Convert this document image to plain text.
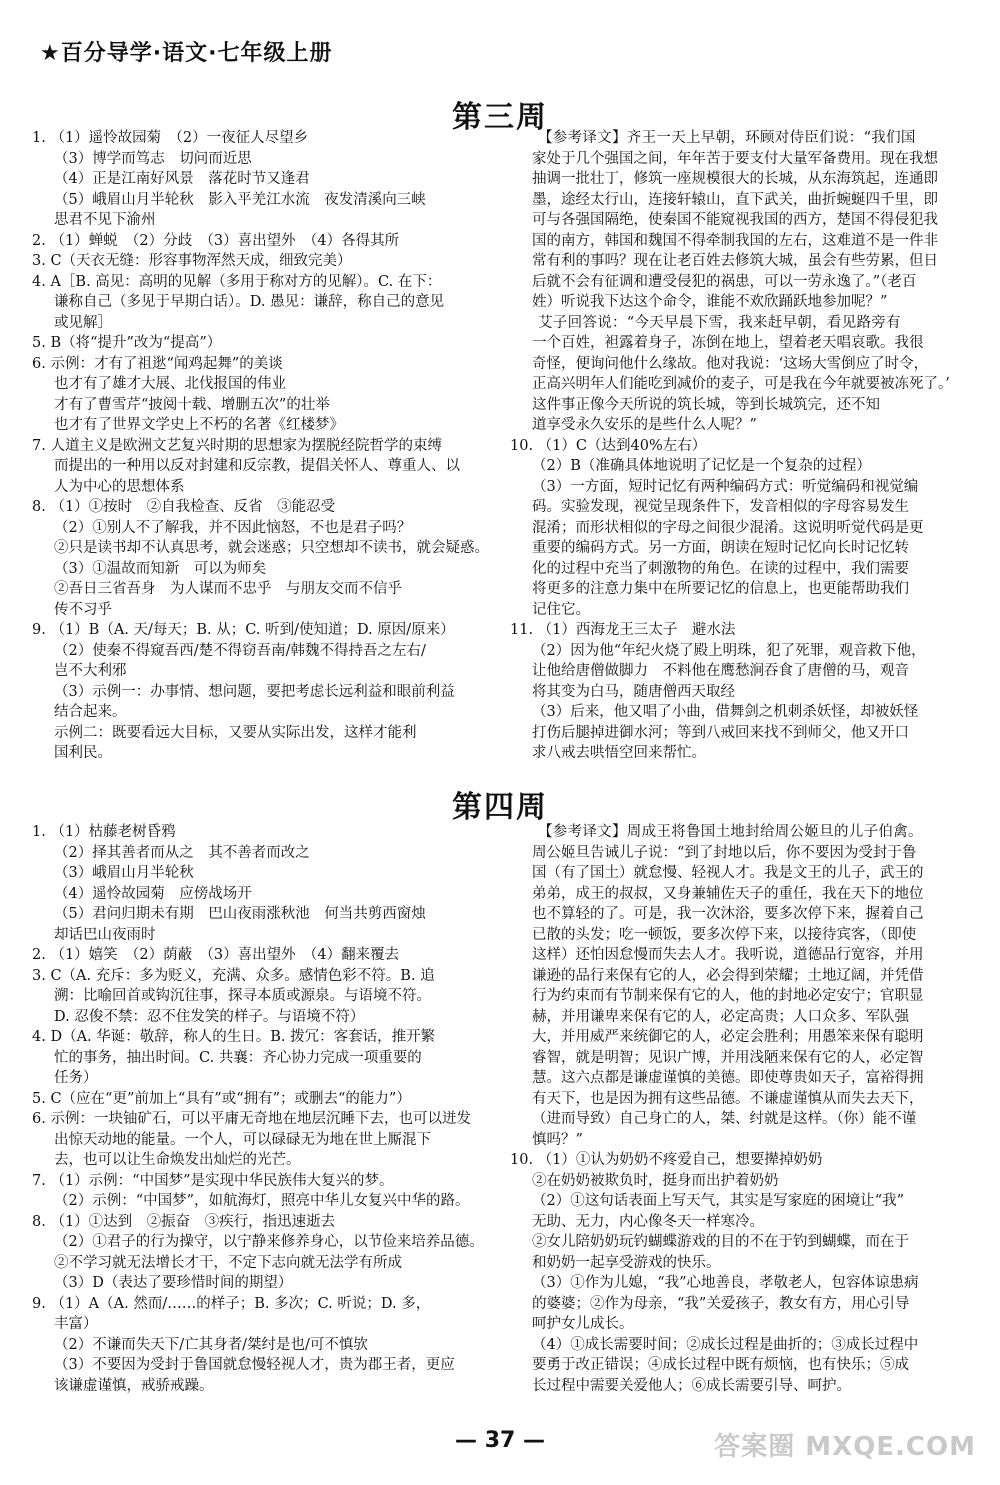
★百分导学·语文·七年级上册
第三周

1. （1）遥怜故园菊　（2）一夜征人尽望乡

（3）博学而笃志　切问而近思

（4）正是江南好风景　落花时节又逢君

（5）峨眉山月半轮秋　影入平羌江水流　夜发清溪向三峡

思君不见下渝州

2. （1）蝉蜕　（2）分歧　（3）喜出望外　（4）各得其所

3. C（天衣无缝：形容事物浑然天成，细致完美）

4. A［B. 高见：高明的见解（多用于称对方的见解）。C. 在下：

谦称自己（多见于早期白话）。D. 愚见：谦辞，称自己的意见

或见解］

5. B（将“提升”改为“提高”）

6. 示例：才有了祖逖“闻鸡起舞”的美谈

也才有了雄才大展、北伐报国的伟业

才有了曹雪芹“披阅十载、增删五次”的壮举

也才有了世界文学史上不朽的名著《红楼梦》

7. 人道主义是欧洲文艺复兴时期的思想家为摆脱经院哲学的束缚

而提出的一种用以反对封建和反宗教，提倡关怀人、尊重人、以

人为中心的思想体系

8. （1）①按时　②自我检查、反省　③能忍受

（2）①别人不了解我，并不因此恼怒，不也是君子吗？

②只是读书却不认真思考，就会迷惑；只空想却不读书，就会疑惑。

（3）①温故而知新　可以为师矣

②吾日三省吾身　为人谋而不忠乎　与朋友交而不信乎

传不习乎

9. （1）B（A. 天/每天；B. 从；C. 听到/使知道；D. 原因/原来）

（2）使秦不得窥吾西/楚不得窃吾南/韩魏不得持吾之左右/

岂不大利邪

（3）示例一：办事情、想问题，要把考虑长远利益和眼前利益

结合起来。

示例二：既要看远大目标，又要从实际出发，这样才能利

国利民。

【参考译文】齐王一天上早朝，环顾对侍臣们说：“我们国

家处于几个强国之间，年年苦于要支付大量军备费用。现在我想

抽调一批壮丁，修筑一座规模很大的长城，从东海筑起，连通即

墨，途经太行山，连接轩辕山，直下武关，曲折蜿蜒四千里，即

可与各强国隔绝，使秦国不能窥视我国的西方，楚国不得侵犯我

国的南方，韩国和魏国不得牵制我国的左右，这难道不是一件非

常有利的事吗？现在让老百姓去修筑大城，虽会有些劳累，但日

后就不会有征调和遭受侵犯的祸患，可以一劳永逸了。”（老百

姓）听说我下达这个命令，谁能不欢欣踊跃地参加呢？”

艾子回答说：“今天早晨下雪，我来赶早朝，看见路旁有

一个百姓，袒露着身子，冻倒在地上，望着老天唱哀歌。我很

奇怪，便询问他什么缘故。他对我说：‘这场大雪倒应了时令，

正高兴明年人们能吃到减价的麦子，可是我在今年就要被冻死了。’

这件事正像今天所说的筑长城，等到长城筑完，还不知

道享受永久安乐的是些什么人呢？”

10. （1）C（达到40%左右）

（2）B（准确具体地说明了记忆是一个复杂的过程）

（3）一方面，短时记忆有两种编码方式：听觉编码和视觉编

码。实验发现，视觉呈现条件下，发音相似的字母容易发生

混淆；而形状相似的字母之间很少混淆。这说明听觉代码是更

重要的编码方式。另一方面，朗读在短时记忆向长时记忆转

化的过程中充当了刺激物的角色。在读的过程中，我们需要

将更多的注意力集中在所要记忆的信息上，也更能帮助我们

记住它。

11. （1）西海龙王三太子　避水法

（2）因为他“年纪火烧了殿上明珠，犯了死罪，观音救下他，

让他给唐僧做脚力　不料他在鹰愁涧吞食了唐僧的马，观音

将其变为白马，随唐僧西天取经

（3）后来，他又唱了小曲，借舞剑之机刺杀妖怪，却被妖怪

打伤后腿掉进御水河；等到八戒回来找不到师父，他又开口

求八戒去哄悟空回来帮忙。

第四周

1. （1）枯藤老树昏鸦

（2）择其善者而从之　其不善者而改之

（3）峨眉山月半轮秋

（4）遥怜故园菊　应傍战场开

（5）君问归期未有期　巴山夜雨涨秋池　何当共剪西窗烛

却话巴山夜雨时

2. （1）嬉笑　（2）荫蔽　（3）喜出望外　（4）翻来覆去

3. C（A. 充斥：多为贬义，充满、众多。感情色彩不符。B. 追

溯：比喻回首或钩沉往事，探寻本质或源泉。与语境不符。

D. 忍俊不禁：忍不住发笑的样子。与语境不符）

4. D（A. 华诞：敬辞，称人的生日。B. 拨冗：客套话，推开繁

忙的事务，抽出时间。C. 共襄：齐心协力完成一项重要的

任务）

5. C（应在“更”前加上“具有”或“拥有”；或删去“的能力”）

6. 示例：一块铀矿石，可以平庸无奇地在地层沉睡下去，也可以迸发

出惊天动地的能量。一个人，可以碌碌无为地在世上厮混下

去，也可以让生命焕发出灿烂的光芒。

7. （1）示例：“中国梦”是实现中华民族伟大复兴的梦。

（2）示例：“中国梦”，如航海灯，照亮中华儿女复兴中华的路。

8. （1）①达到　②振奋　③疾行，指迅速逝去

（2）①君子的行为操守，以宁静来修养身心，以节俭来培养品德。

②不学习就无法增长才干，不定下志向就无法学有所成

（3）D（表达了要珍惜时间的期望）

9. （1）A（A. 然而/……的样子；B. 多次；C. 听说；D. 多，

丰富）

（2）不谦而失天下/亡其身者/桀纣是也/可不慎欤

（3）不要因为受封于鲁国就怠慢轻视人才，贵为郡王者，更应

该谦虚谨慎，戒骄戒躁。

【参考译文】周成王将鲁国土地封给周公姬旦的儿子伯禽。

周公姬旦告诫儿子说：“到了封地以后，你不要因为受封于鲁

国（有了国土）就怠慢、轻视人才。我是文王的儿子，武王的

弟弟，成王的叔叔，又身兼辅佐天子的重任，我在天下的地位

也不算轻的了。可是，我一次沐浴，要多次停下来，握着自己

已散的头发；吃一顿饭，要多次停下来，以接待宾客，（即使

这样）还怕因怠慢而失去人才。我听说，道德品行宽容，并用

谦逊的品行来保有它的人，必会得到荣耀；土地辽阔，并凭借

行为约束而有节制来保有它的人，他的封地必定安宁；官职显

赫，并用谦卑来保有它的人，必定高贵；人口众多、军队强

大，并用威严来统御它的人，必定会胜利；用愚笨来保有聪明

睿智，就是明智；见识广博，并用浅陋来保有它的人，必定智

慧。这六点都是谦虚谨慎的美德。即使尊贵如天子，富裕得拥

有天下，也是因为拥有这些品德。不谦虚谨慎从而失去天下，

（进而导致）自己身亡的人，桀、纣就是这样。（你）能不谨

慎吗？”

10. （1）①认为奶奶不疼爱自己，想要撵掉奶奶

②在奶奶被欺负时，挺身而出护着奶奶

（2）①这句话表面上写天气，其实是写家庭的困境让“我”

无助、无力，内心像冬天一样寒冷。

②女儿陪奶奶玩钓蝴蝶游戏的目的不在于钓到蝴蝶，而在于

和奶奶一起享受游戏的快乐。

（3）①作为儿媳，“我”心地善良，孝敬老人，包容体谅患病

的婆婆；②作为母亲，“我”关爱孩子，教女有方，用心引导

呵护女儿成长。

（4）①成长需要时间；②成长过程是曲折的；③成长过程中

要勇于改正错误；④成长过程中既有烦恼，也有快乐；⑤成

长过程中需要关爱他人；⑥成长需要引导、呵护。

— 37 —	答案圈 MXQE.COM
